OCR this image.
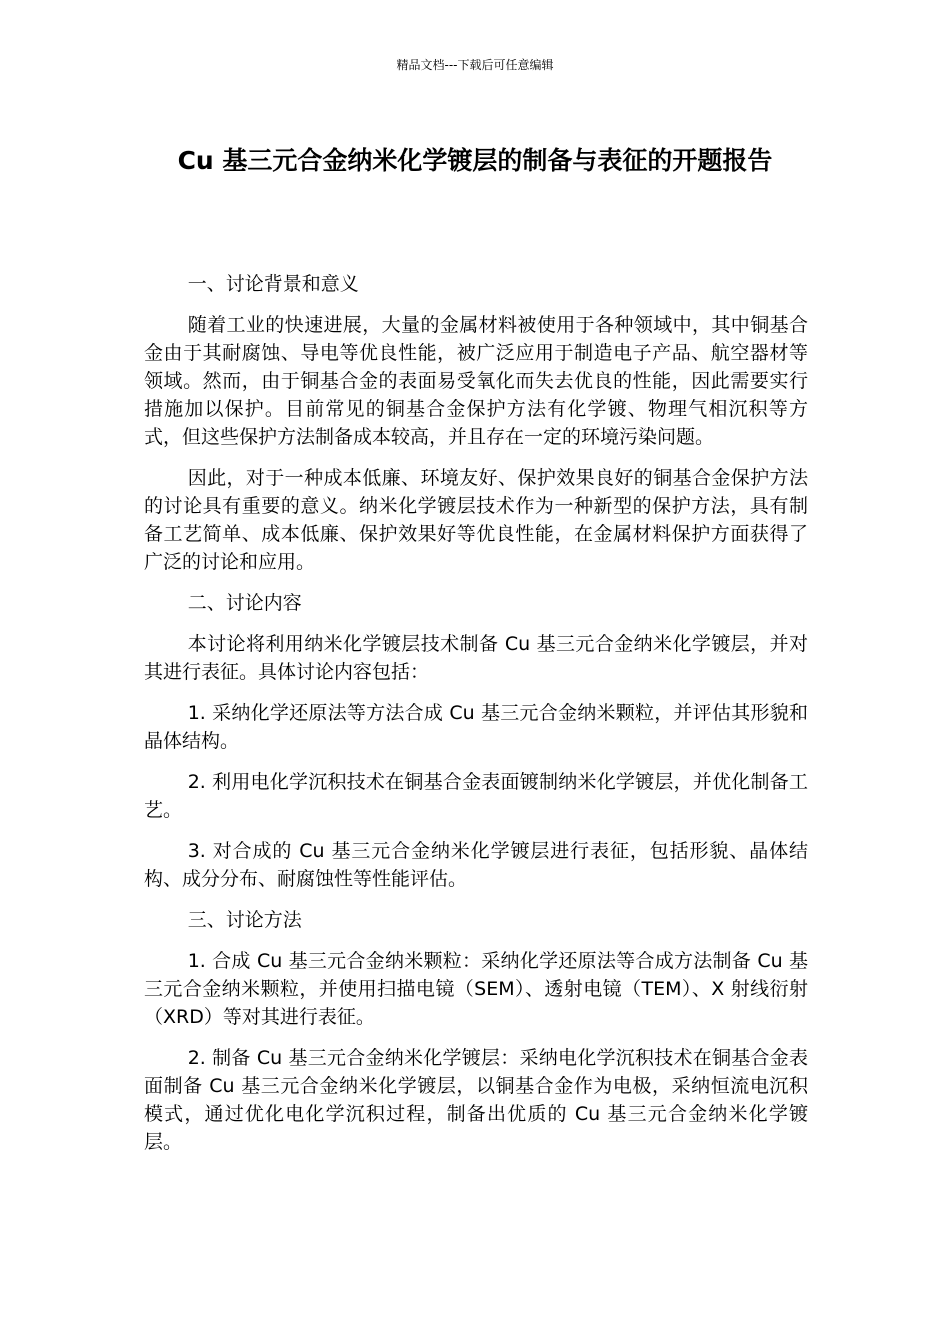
精品文档---下载后可任意编辑
Cu 基三元合金纳米化学镀层的制备与表征的开题报告

一、讨论背景和意义

随着工业的快速进展，大量的金属材料被使用于各种领域中，其中铜基合金由于其耐腐蚀、导电等优良性能，被广泛应用于制造电子产品、航空器材等领域。然而，由于铜基合金的表面易受氧化而失去优良的性能，因此需要实行措施加以保护。目前常见的铜基合金保护方法有化学镀、物理气相沉积等方式，但这些保护方法制备成本较高，并且存在一定的环境污染问题。

因此，对于一种成本低廉、环境友好、保护效果良好的铜基合金保护方法的讨论具有重要的意义。纳米化学镀层技术作为一种新型的保护方法，具有制备工艺简单、成本低廉、保护效果好等优良性能，在金属材料保护方面获得了广泛的讨论和应用。

二、讨论内容

本讨论将利用纳米化学镀层技术制备 Cu 基三元合金纳米化学镀层，并对其进行表征。具体讨论内容包括：

1. 采纳化学还原法等方法合成 Cu 基三元合金纳米颗粒，并评估其形貌和晶体结构。

2. 利用电化学沉积技术在铜基合金表面镀制纳米化学镀层，并优化制备工艺。

3. 对合成的 Cu 基三元合金纳米化学镀层进行表征，包括形貌、晶体结构、成分分布、耐腐蚀性等性能评估。

三、讨论方法

1. 合成 Cu 基三元合金纳米颗粒：采纳化学还原法等合成方法制备 Cu 基三元合金纳米颗粒，并使用扫描电镜（SEM）、透射电镜（TEM）、X 射线衍射（XRD）等对其进行表征。

2. 制备 Cu 基三元合金纳米化学镀层：采纳电化学沉积技术在铜基合金表面制备 Cu 基三元合金纳米化学镀层，以铜基合金作为电极，采纳恒流电沉积模式，通过优化电化学沉积过程，制备出优质的 Cu 基三元合金纳米化学镀层。
